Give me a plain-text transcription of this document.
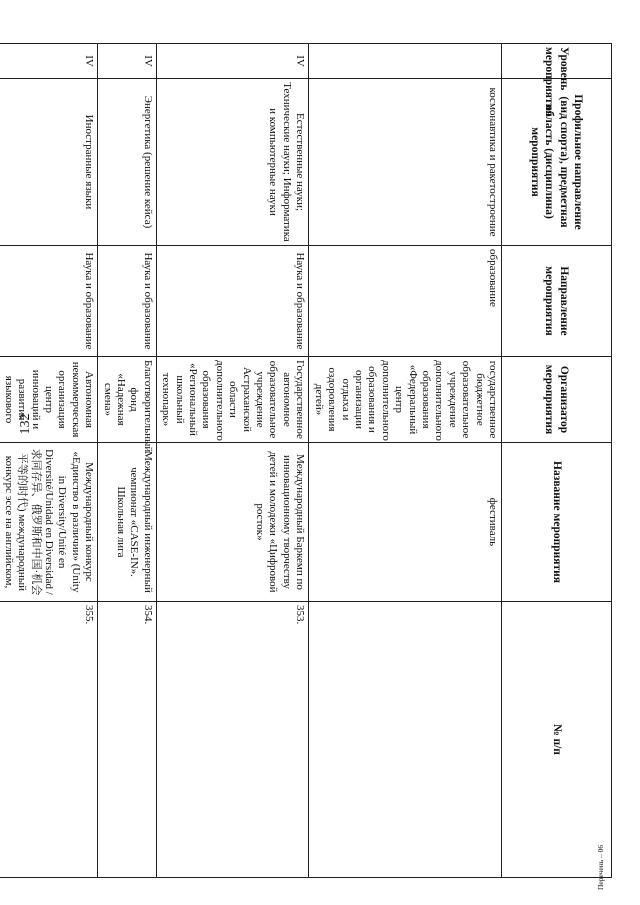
132
Перечень – 06
Уровень мероприятия	Профильное направление (вид спорта), предметная область (дисциплина) мероприятия	Направление мероприятия	Организатор мероприятия	Название мероприятия	№ п/п
	космонавтика и ракетостроение	образование	государственное бюджетное образовательное учреждение дополнительного образования «Федеральный центр дополнительного образования и организации отдыха и оздоровления детей»	фестиваль	
IV	Естественные науки; Технические науки; Информатика и компьютерные науки	Наука и образование	Государственное автономное образовательное учреждение Астраханской области дополнительного образования «Региональный школьный технопарк»	Международный Баркемп по инновационному творчеству детей и молодежи «Цифровой росток»	353.
IV	Энергетика (решение кейса)	Наука и образование	Благотворительный фонд «Надежная смена»	Международный инженерный чемпионат «CASE-IN». Школьная лига	354.
IV	Иностранные языки	Наука и образование	Автономная некоммерческая организация центр инноваций и развития языкового	Международный конкурс «Единство в различии» (Unity in Diversity/Unité en Diversité/Unidad en Diversidad /求同存异、俄罗斯和中国·机会平等的时代) международный конкурс эссе на английском,	355.
